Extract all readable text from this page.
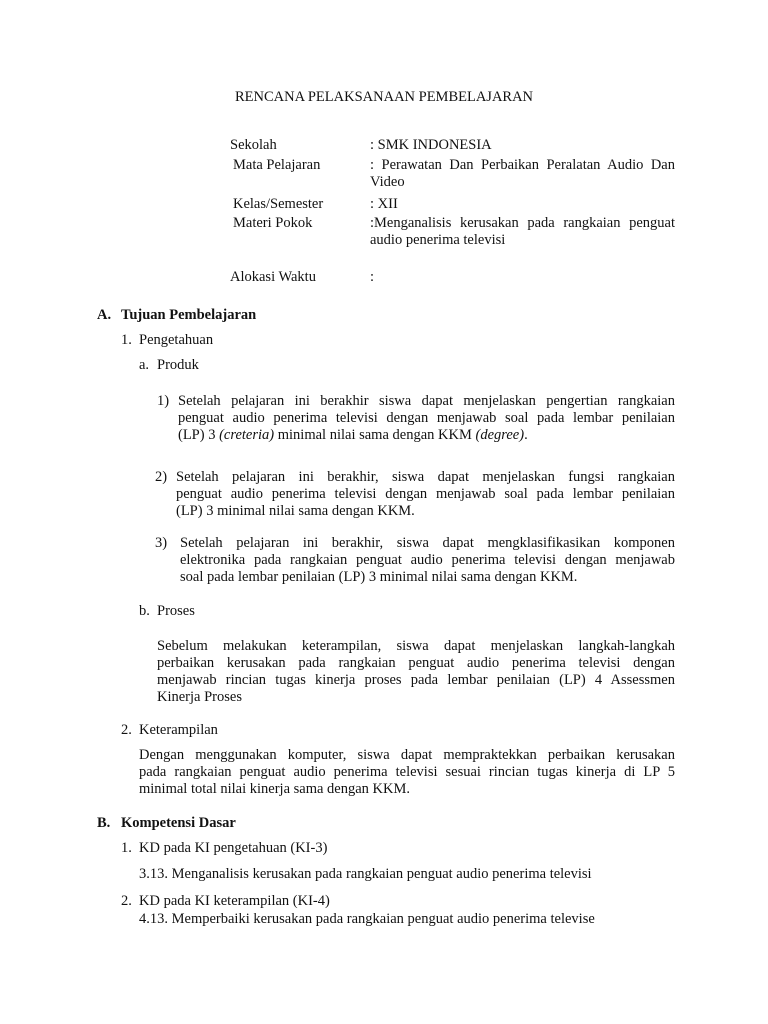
RENCANA PELAKSANAAN PEMBELAJARAN
Sekolah	: SMK INDONESIA
Mata Pelajaran	: Perawatan Dan Perbaikan Peralatan Audio Dan Video
Kelas/Semester	: XII
Materi Pokok	:Menganalisis kerusakan pada rangkaian penguat audio penerima televisi
Alokasi Waktu	:
A. Tujuan Pembelajaran
1. Pengetahuan
a. Produk
1) Setelah pelajaran ini berakhir siswa dapat menjelaskan pengertian rangkaian
penguat audio penerima televisi dengan menjawab soal pada lembar penilaian
(LP) 3 (creteria) minimal nilai sama dengan KKM (degree).
2) Setelah pelajaran ini berakhir, siswa dapat menjelaskan fungsi rangkaian
penguat audio penerima televisi dengan menjawab soal pada lembar penilaian
(LP) 3 minimal nilai sama dengan KKM.
3) Setelah pelajaran ini berakhir, siswa dapat mengklasifikasikan komponen
elektronika pada rangkaian penguat audio penerima televisi dengan menjawab
soal pada lembar penilaian (LP) 3 minimal nilai sama dengan KKM.
b. Proses
Sebelum melakukan keterampilan, siswa dapat menjelaskan langkah-langkah
perbaikan kerusakan pada rangkaian penguat audio penerima televisi dengan
menjawab rincian tugas kinerja proses pada lembar penilaian (LP) 4 Assessmen
Kinerja Proses
2. Keterampilan
Dengan menggunakan komputer, siswa dapat mempraktekkan perbaikan kerusakan
pada rangkaian penguat audio penerima televisi sesuai rincian tugas kinerja di LP 5
minimal total nilai kinerja sama dengan KKM.
B. Kompetensi Dasar
1. KD pada KI pengetahuan (KI-3)
3.13. Menganalisis kerusakan pada rangkaian penguat audio penerima televisi
2. KD pada KI keterampilan (KI-4)
4.13. Memperbaiki kerusakan pada rangkaian penguat audio penerima televise
